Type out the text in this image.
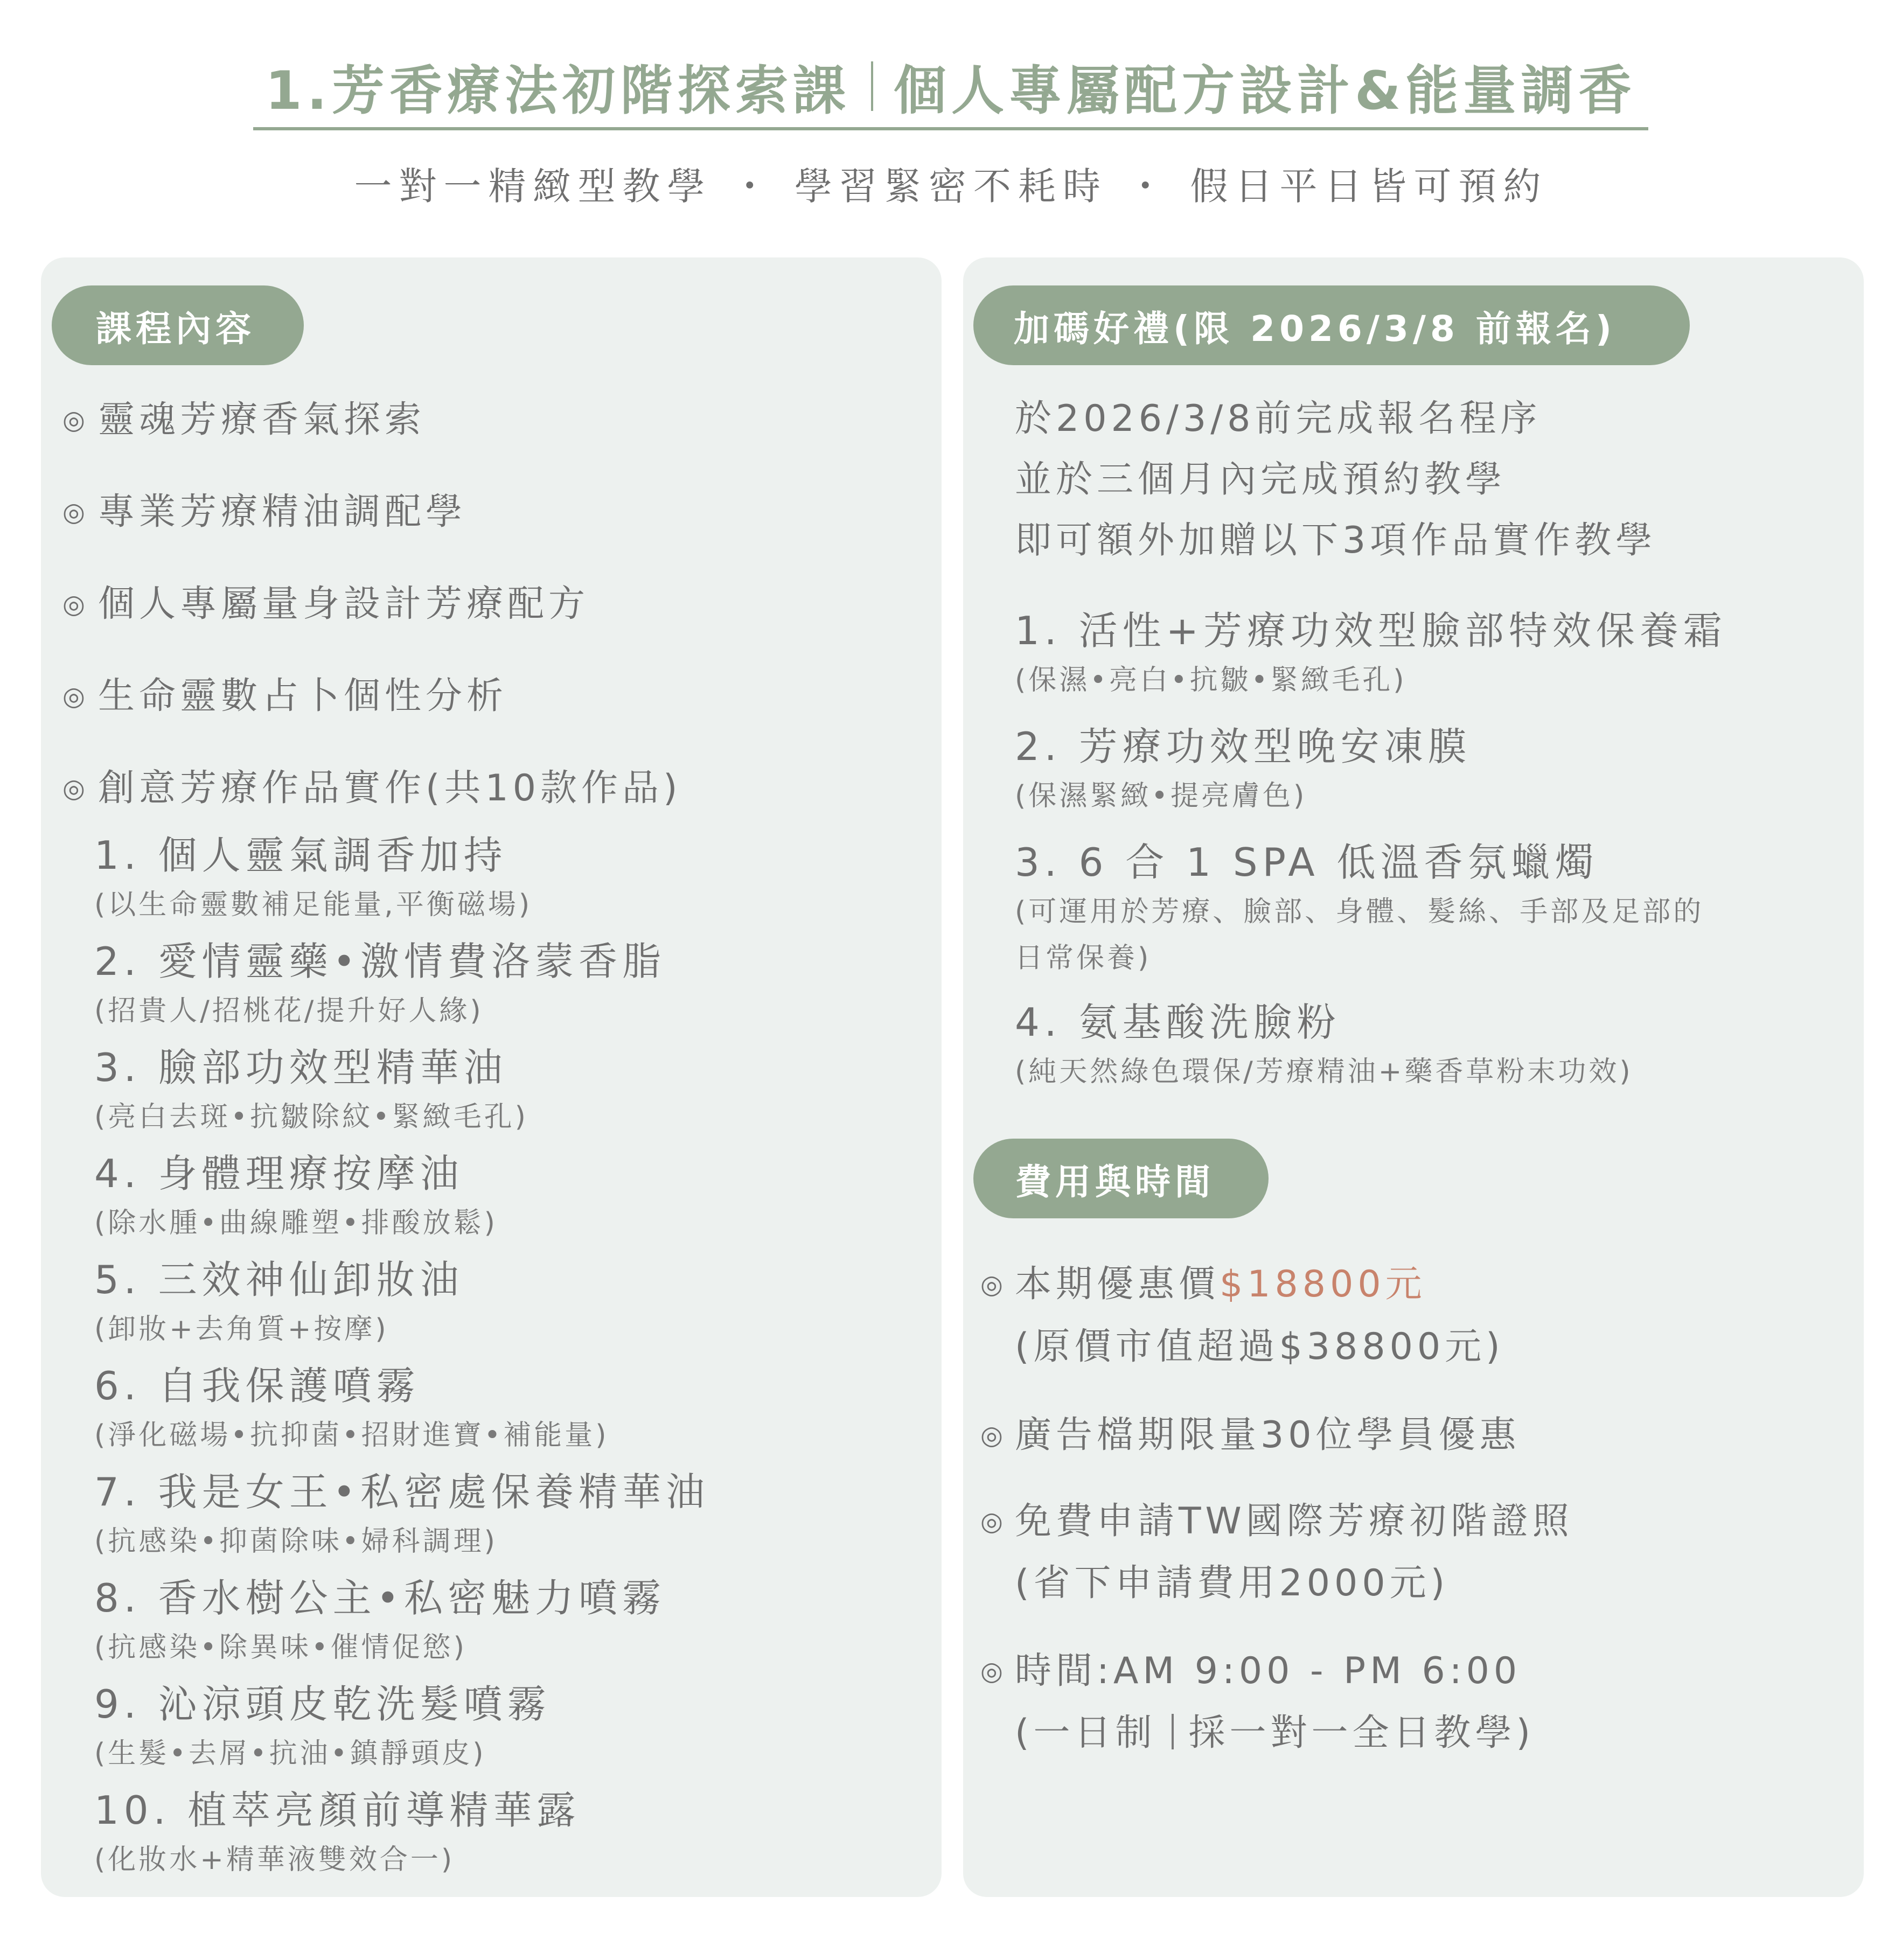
1.芳香療法初階探索課 個人專屬配方設計&能量調香
一對一精緻型教學 ・ 學習緊密不耗時 ・ 假日平日皆可預約
課程內容
◎ 靈魂芳療香氣探索
◎ 專業芳療精油調配學
◎ 個人專屬量身設計芳療配方
◎ 生命靈數占卜個性分析
◎ 創意芳療作品實作(共10款作品)
1. 個人靈氣調香加持
(以生命靈數補足能量,平衡磁場)
2. 愛情靈藥•激情費洛蒙香脂
(招貴人/招桃花/提升好人緣)
3. 臉部功效型精華油
(亮白去斑•抗皺除紋•緊緻毛孔)
4. 身體理療按摩油
(除水腫•曲線雕塑•排酸放鬆)
5. 三效神仙卸妝油
(卸妝+去角質+按摩)
6. 自我保護噴霧
(淨化磁場•抗抑菌•招財進寶•補能量)
7. 我是女王•私密處保養精華油
(抗感染•抑菌除味•婦科調理)
8. 香水樹公主•私密魅力噴霧
(抗感染•除異味•催情促慾)
9. 沁涼頭皮乾洗髮噴霧
(生髮•去屑•抗油•鎮靜頭皮)
10. 植萃亮顏前導精華露
(化妝水+精華液雙效合一)
加碼好禮(限 2026/3/8 前報名)
於2026/3/8前完成報名程序
並於三個月內完成預約教學
即可額外加贈以下3項作品實作教學
1. 活性+芳療功效型臉部特效保養霜
(保濕•亮白•抗皺•緊緻毛孔)
2. 芳療功效型晚安凍膜
(保濕緊緻•提亮膚色)
3. 6 合 1 SPA 低溫香氛蠟燭
(可運用於芳療、臉部、身體、髮絲、手部及足部的
日常保養)
4. 氨基酸洗臉粉
(純天然綠色環保/芳療精油+藥香草粉末功效)
費用與時間
◎ 本期優惠價$18800元
(原價市值超過$38800元)
◎ 廣告檔期限量30位學員優惠
◎ 免費申請TW國際芳療初階證照
(省下申請費用2000元)
◎ 時間:AM 9:00 - PM 6:00
(一日制 採一對一全日教學)
